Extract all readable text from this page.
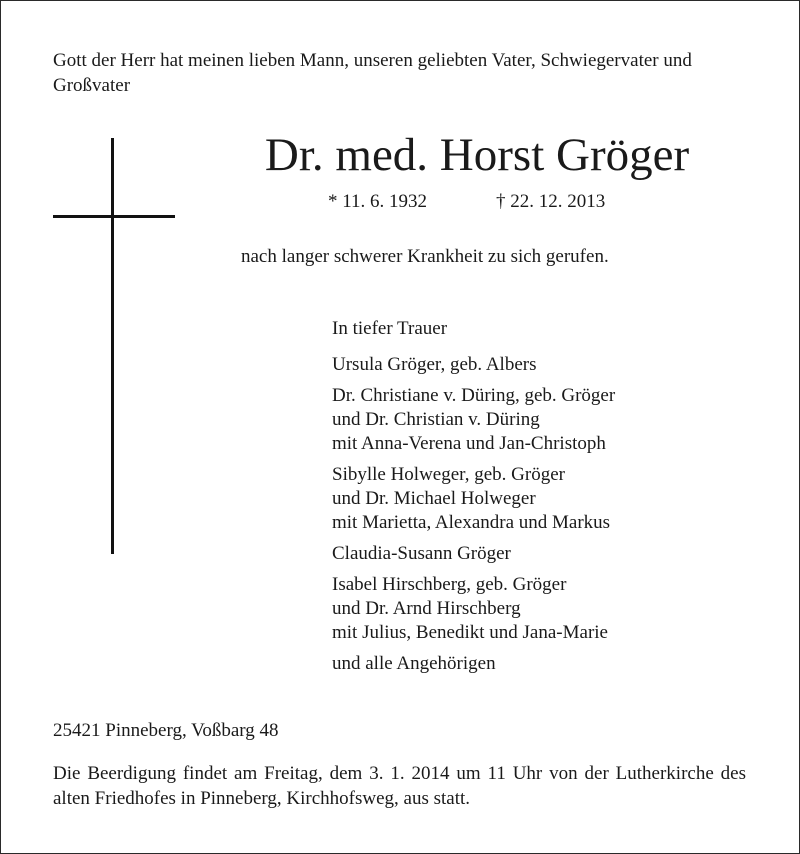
Gott der Herr hat meinen lieben Mann, unseren geliebten Vater, Schwiegervater und Großvater

Dr. med. Horst Gröger

* 11. 6. 1932	† 22. 12. 2013

nach langer schwerer Krankheit zu sich gerufen.

In tiefer Trauer
Ursula Gröger, geb. Albers
Dr. Christiane v. Düring, geb. Gröger
und Dr. Christian v. Düring
mit Anna-Verena und Jan-Christoph
Sibylle Holweger, geb. Gröger
und Dr. Michael Holweger
mit Marietta, Alexandra und Markus
Claudia-Susann Gröger
Isabel Hirschberg, geb. Gröger
und Dr. Arnd Hirschberg
mit Julius, Benedikt und Jana-Marie
und alle Angehörigen

25421 Pinneberg, Voßbarg 48

Die Beerdigung findet am Freitag, dem 3. 1. 2014 um 11 Uhr von der Lutherkirche des alten Friedhofes in Pinneberg, Kirchhofsweg, aus statt.
